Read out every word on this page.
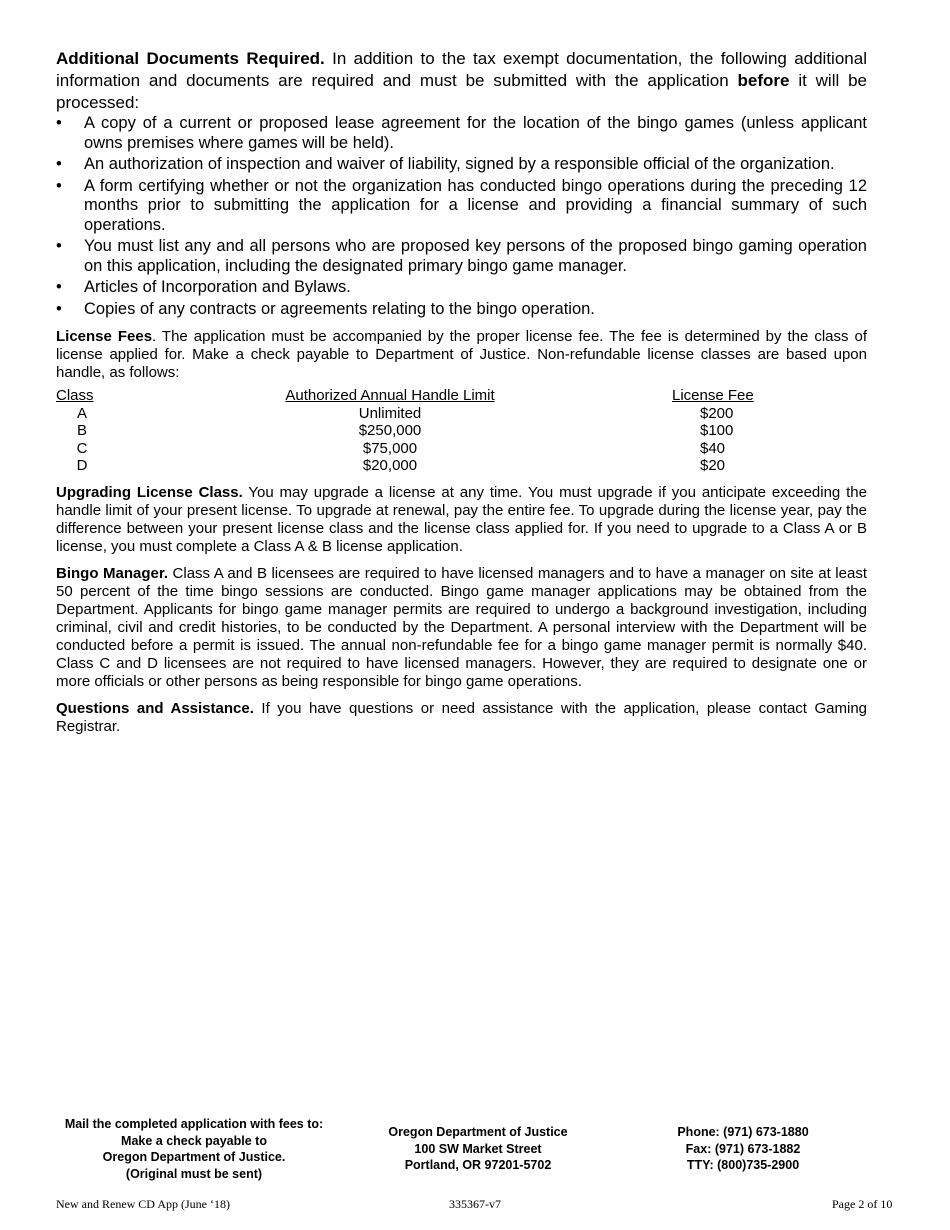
Additional Documents Required. In addition to the tax exempt documentation, the following additional information and documents are required and must be submitted with the application before it will be processed:

• A copy of a current or proposed lease agreement for the location of the bingo games (unless applicant owns premises where games will be held).
• An authorization of inspection and waiver of liability, signed by a responsible official of the organization.
• A form certifying whether or not the organization has conducted bingo operations during the preceding 12 months prior to submitting the application for a license and providing a financial summary of such operations.
• You must list any and all persons who are proposed key persons of the proposed bingo gaming operation on this application, including the designated primary bingo game manager.
• Articles of Incorporation and Bylaws.
• Copies of any contracts or agreements relating to the bingo operation.

License Fees. The application must be accompanied by the proper license fee. The fee is determined by the class of license applied for. Make a check payable to Department of Justice. Non-refundable license classes are based upon handle, as follows:

Class	Authorized Annual Handle Limit	License Fee
A	Unlimited	$200
B	$250,000	$100
C	$75,000	$40
D	$20,000	$20

Upgrading License Class. You may upgrade a license at any time. You must upgrade if you anticipate exceeding the handle limit of your present license. To upgrade at renewal, pay the entire fee. To upgrade during the license year, pay the difference between your present license class and the license class applied for. If you need to upgrade to a Class A or B license, you must complete a Class A & B license application.

Bingo Manager. Class A and B licensees are required to have licensed managers and to have a manager on site at least 50 percent of the time bingo sessions are conducted. Bingo game manager applications may be obtained from the Department. Applicants for bingo game manager permits are required to undergo a background investigation, including criminal, civil and credit histories, to be conducted by the Department. A personal interview with the Department will be conducted before a permit is issued. The annual non-refundable fee for a bingo game manager permit is normally $40. Class C and D licensees are not required to have licensed managers. However, they are required to designate one or more officials or other persons as being responsible for bingo game operations.

Questions and Assistance. If you have questions or need assistance with the application, please contact Gaming Registrar.

Mail the completed application with fees to:
Make a check payable to
Oregon Department of Justice.
(Original must be sent)
Oregon Department of Justice
100 SW Market Street
Portland, OR 97201-5702
Phone: (971) 673-1880
Fax: (971) 673-1882
TTY: (800)735-2900
New and Renew CD App (June ‘18)	335367-v7	Page 2 of 10
